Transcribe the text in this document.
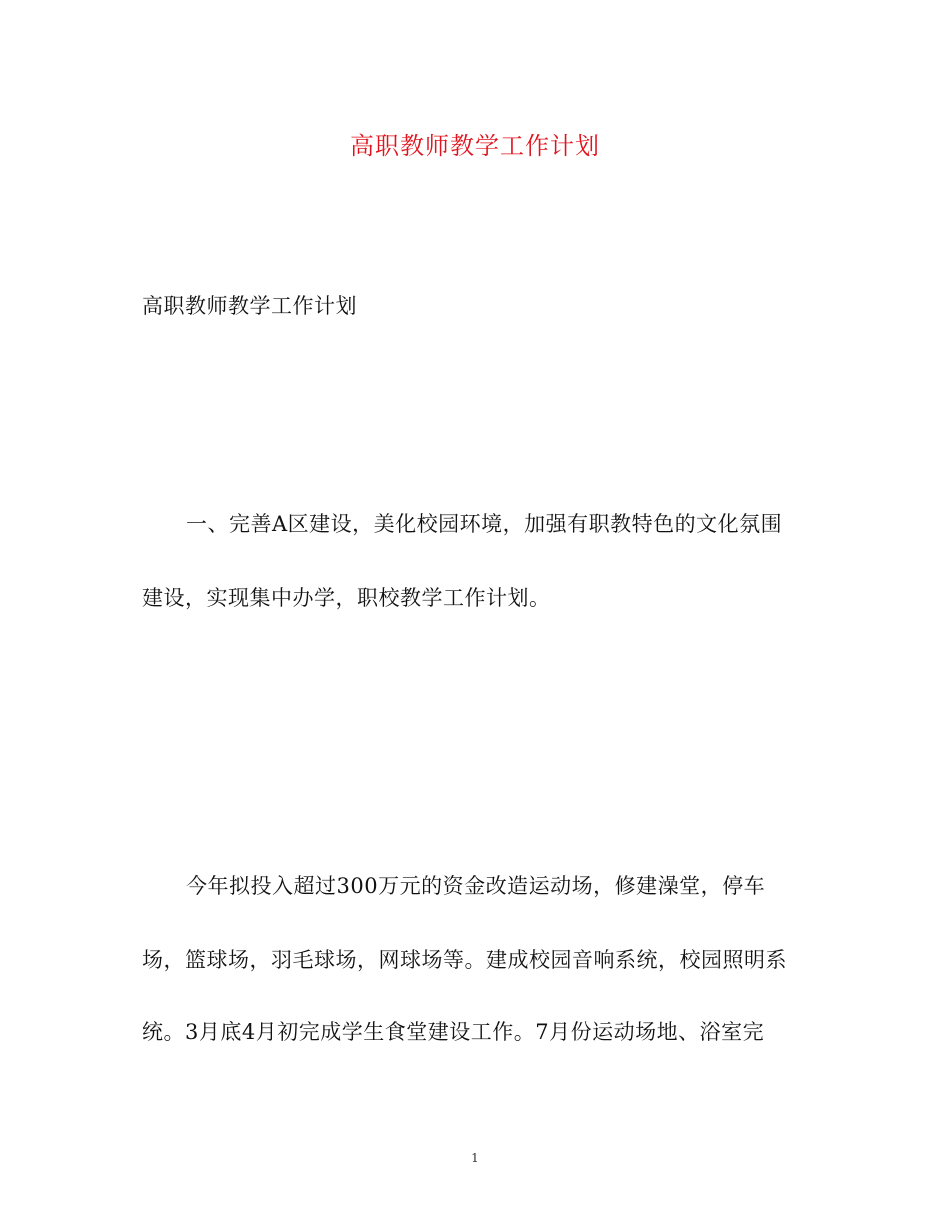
高职教师教学工作计划
高职教师教学工作计划
一、完善A区建设，美化校园环境，加强有职教特色的文化氛围
建设，实现集中办学，职校教学工作计划。
今年拟投入超过300万元的资金改造运动场，修建澡堂，停车
场，篮球场，羽毛球场，网球场等。建成校园音响系统，校园照明系
统。3月底4月初完成学生食堂建设工作。7月份运动场地、浴室完
1
